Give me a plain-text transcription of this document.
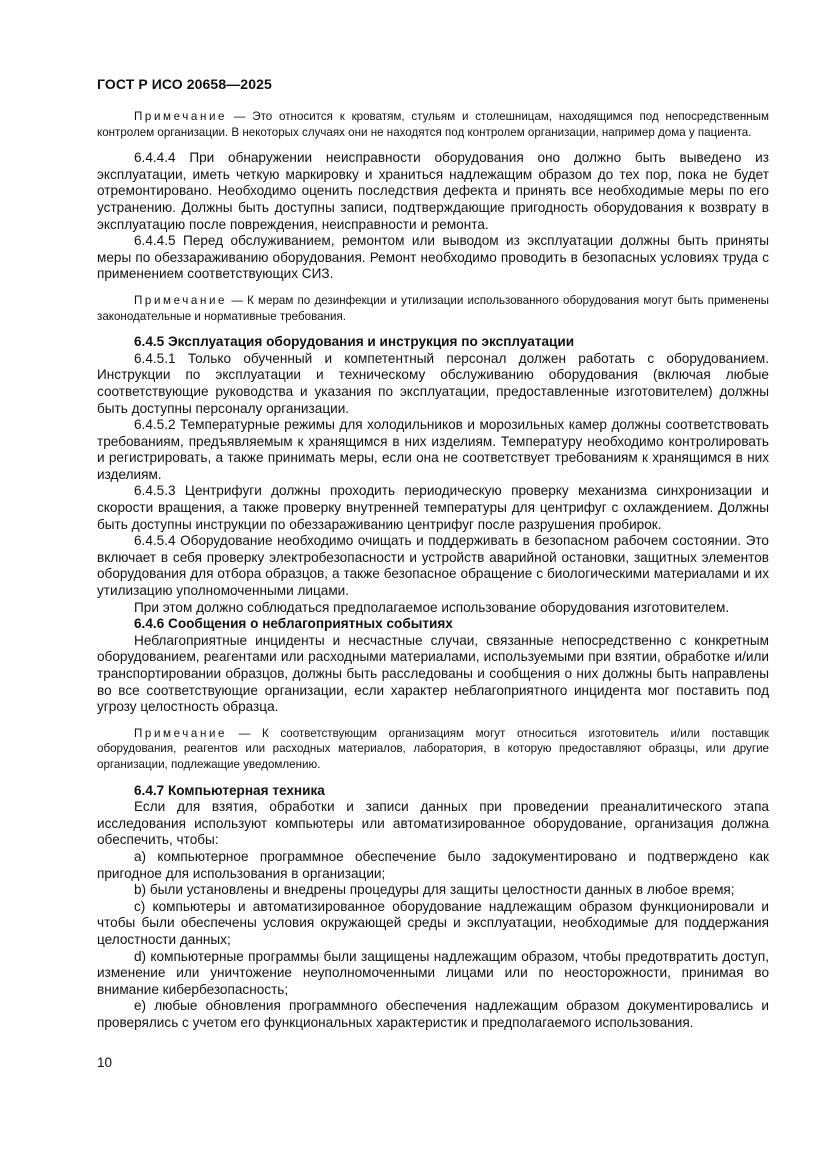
ГОСТ Р ИСО 20658—2025
Примечание — Это относится к кроватям, стульям и столешницам, находящимся под непосредственным контролем организации. В некоторых случаях они не находятся под контролем организации, например дома у пациента.

6.4.4.4 При обнаружении неисправности оборудования оно должно быть выведено из эксплуатации, иметь четкую маркировку и храниться надлежащим образом до тех пор, пока не будет отремонтировано. Необходимо оценить последствия дефекта и принять все необходимые меры по его устранению. Должны быть доступны записи, подтверждающие пригодность оборудования к возврату в эксплуатацию после повреждения, неисправности и ремонта.

6.4.4.5 Перед обслуживанием, ремонтом или выводом из эксплуатации должны быть приняты меры по обеззараживанию оборудования. Ремонт необходимо проводить в безопасных условиях труда с применением соответствующих СИЗ.

Примечание — К мерам по дезинфекции и утилизации использованного оборудования могут быть применены законодательные и нормативные требования.

6.4.5 Эксплуатация оборудования и инструкция по эксплуатации

6.4.5.1 Только обученный и компетентный персонал должен работать с оборудованием. Инструкции по эксплуатации и техническому обслуживанию оборудования (включая любые соответствующие руководства и указания по эксплуатации, предоставленные изготовителем) должны быть доступны персоналу организации.

6.4.5.2 Температурные режимы для холодильников и морозильных камер должны соответствовать требованиям, предъявляемым к хранящимся в них изделиям. Температуру необходимо контролировать и регистрировать, а также принимать меры, если она не соответствует требованиям к хранящимся в них изделиям.

6.4.5.3 Центрифуги должны проходить периодическую проверку механизма синхронизации и скорости вращения, а также проверку внутренней температуры для центрифуг с охлаждением. Должны быть доступны инструкции по обеззараживанию центрифуг после разрушения пробирок.

6.4.5.4 Оборудование необходимо очищать и поддерживать в безопасном рабочем состоянии. Это включает в себя проверку электробезопасности и устройств аварийной остановки, защитных элементов оборудования для отбора образцов, а также безопасное обращение с биологическими материалами и их утилизацию уполномоченными лицами.

При этом должно соблюдаться предполагаемое использование оборудования изготовителем.

6.4.6 Сообщения о неблагоприятных событиях

Неблагоприятные инциденты и несчастные случаи, связанные непосредственно с конкретным оборудованием, реагентами или расходными материалами, используемыми при взятии, обработке и/или транспортировании образцов, должны быть расследованы и сообщения о них должны быть направлены во все соответствующие организации, если характер неблагоприятного инцидента мог поставить под угрозу целостность образца.

Примечание — К соответствующим организациям могут относиться изготовитель и/или поставщик оборудования, реагентов или расходных материалов, лаборатория, в которую предоставляют образцы, или другие организации, подлежащие уведомлению.

6.4.7 Компьютерная техника

Если для взятия, обработки и записи данных при проведении преаналитического этапа исследования используют компьютеры или автоматизированное оборудование, организация должна обеспечить, чтобы:

a) компьютерное программное обеспечение было задокументировано и подтверждено как пригодное для использования в организации;

b) были установлены и внедрены процедуры для защиты целостности данных в любое время;

c) компьютеры и автоматизированное оборудование надлежащим образом функционировали и чтобы были обеспечены условия окружающей среды и эксплуатации, необходимые для поддержания целостности данных;

d) компьютерные программы были защищены надлежащим образом, чтобы предотвратить доступ, изменение или уничтожение неуполномоченными лицами или по неосторожности, принимая во внимание кибербезопасность;

e) любые обновления программного обеспечения надлежащим образом документировались и проверялись с учетом его функциональных характеристик и предполагаемого использования.

10
